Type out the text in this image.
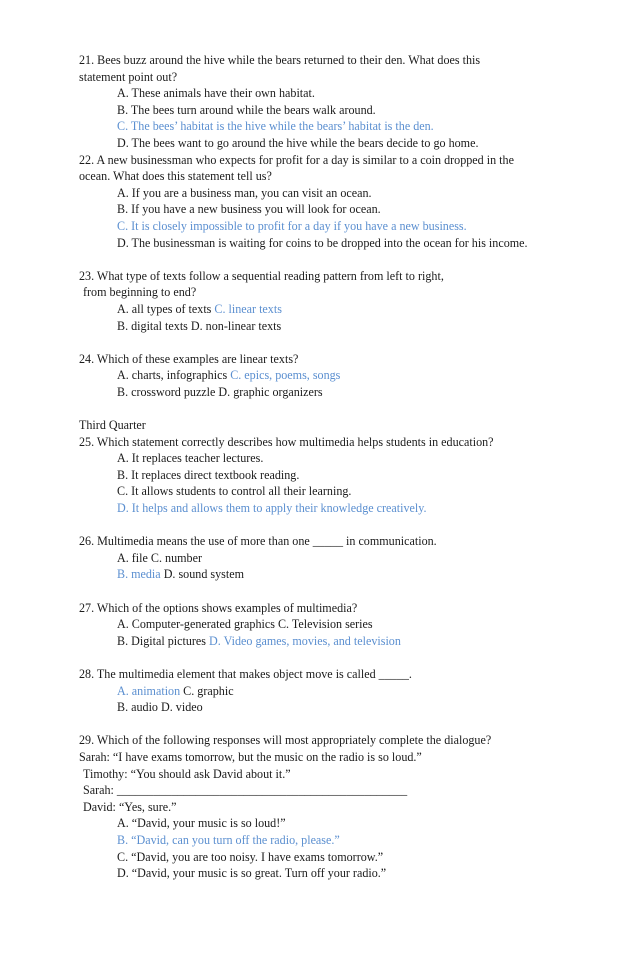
21. Bees buzz around the hive while the bears returned to their den. What does this
statement point out?
A. These animals have their own habitat.
B. The bees turn around while the bears walk around.
C. The bees’ habitat is the hive while the bears’ habitat is the den.
D. The bees want to go around the hive while the bears decide to go home.
22. A new businessman who expects for profit for a day is similar to a coin dropped in the
ocean. What does this statement tell us?
A. If you are a business man, you can visit an ocean.
B. If you have a new business you will look for ocean.
C. It is closely impossible to profit for a day if you have a new business.
D. The businessman is waiting for coins to be dropped into the ocean for his income.
23. What type of texts follow a sequential reading pattern from left to right,
from beginning to end?
A. all types of texts C. linear texts
B. digital texts D. non-linear texts
24. Which of these examples are linear texts?
A. charts, infographics C. epics, poems, songs
B. crossword puzzle D. graphic organizers
Third Quarter
25. Which statement correctly describes how multimedia helps students in education?
A. It replaces teacher lectures.
B. It replaces direct textbook reading.
C. It allows students to control all their learning.
D. It helps and allows them to apply their knowledge creatively.
26. Multimedia means the use of more than one _____ in communication.
A. file C. number
B. media D. sound system
27. Which of the options shows examples of multimedia?
A. Computer-generated graphics C. Television series
B. Digital pictures D. Video games, movies, and television
28. The multimedia element that makes object move is called _____.
A. animation C. graphic
B. audio D. video
29. Which of the following responses will most appropriately complete the dialogue?
Sarah: “I have exams tomorrow, but the music on the radio is so loud.”
Timothy: “You should ask David about it.”
Sarah: ________________________________________________
David: “Yes, sure.”
A. “David, your music is so loud!”
B. “David, can you turn off the radio, please.”
C. “David, you are too noisy. I have exams tomorrow.”
D. “David, your music is so great. Turn off your radio.”
